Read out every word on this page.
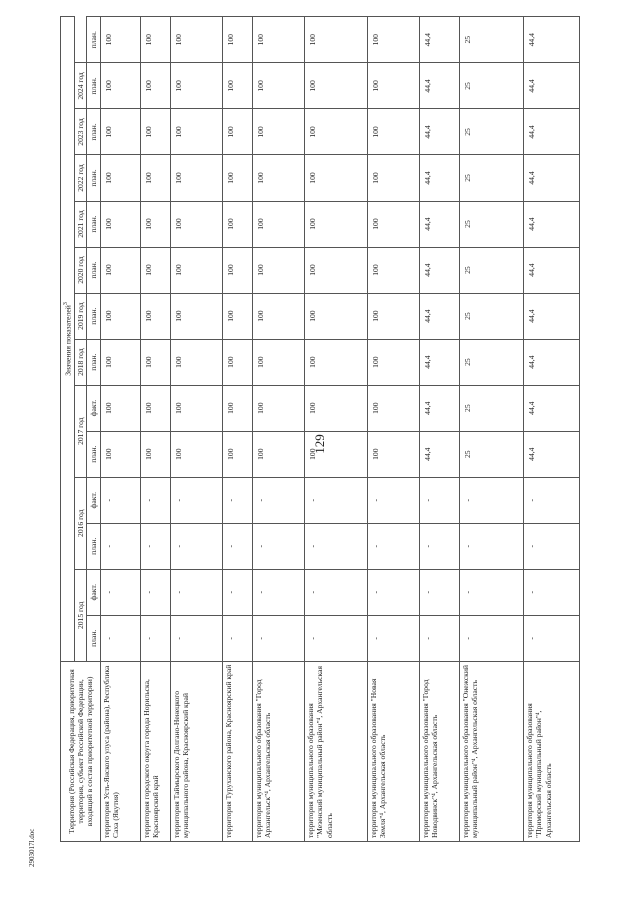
129
2903017l.doc
Территория (Российская Федерация, приоритетная территория, субъект Российской Федерации, входящий в состав приоритетной территории)	Значения показателей$^3$
	2015 год		2016 год		2017 год		2018 год	2019 год	2020 год	2021 год	2022 год	2023 год	2024 год	
	план.	факт.	план.	факт.	план.	факт.	план.	план.	план.	план.	план.	план.	план.	план.
территория Усть-Янского улуса (района), Республика Саха (Якутия)	-	-	-	-	100	100	100	100	100	100	100	100	100	100
территория городского округа города Норильска, Красноярский край	-	-	-	-	100	100	100	100	100	100	100	100	100	100
территория Таймырского Долгано-Ненецкого муниципального района, Красноярский край	-	-	-	-	100	100	100	100	100	100	100	100	100	100
территория Туруханского района, Красноярский край	-	-	-	-	100	100	100	100	100	100	100	100	100	100
территория муниципального образования "Город Архангельск"⁴, Архангельская область	-	-	-	-	100	100	100	100	100	100	100	100	100	100
территория муниципального образования "Мезенский муниципальный район"⁴, Архангельская область	-	-	-	-	100	100	100	100	100	100	100	100	100	100
территория муниципального образования "Новая Земля"⁴, Архангельская область	-	-	-	-	100	100	100	100	100	100	100	100	100	100
территория муниципального образования "Город Новодвинск"⁴, Архангельская область	-	-	-	-	44,4	44,4	44,4	44,4	44,4	44,4	44,4	44,4	44,4	44,4
территория муниципального образования "Онежский муниципальный район"⁴, Архангельская область	-	-	-	-	25	25	25	25	25	25	25	25	25	25
территория муниципального образования "Приморский муниципальный район"⁴, Архангельская область	-	-	-	-	44,4	44,4	44,4	44,4	44,4	44,4	44,4	44,4	44,4	44,4
